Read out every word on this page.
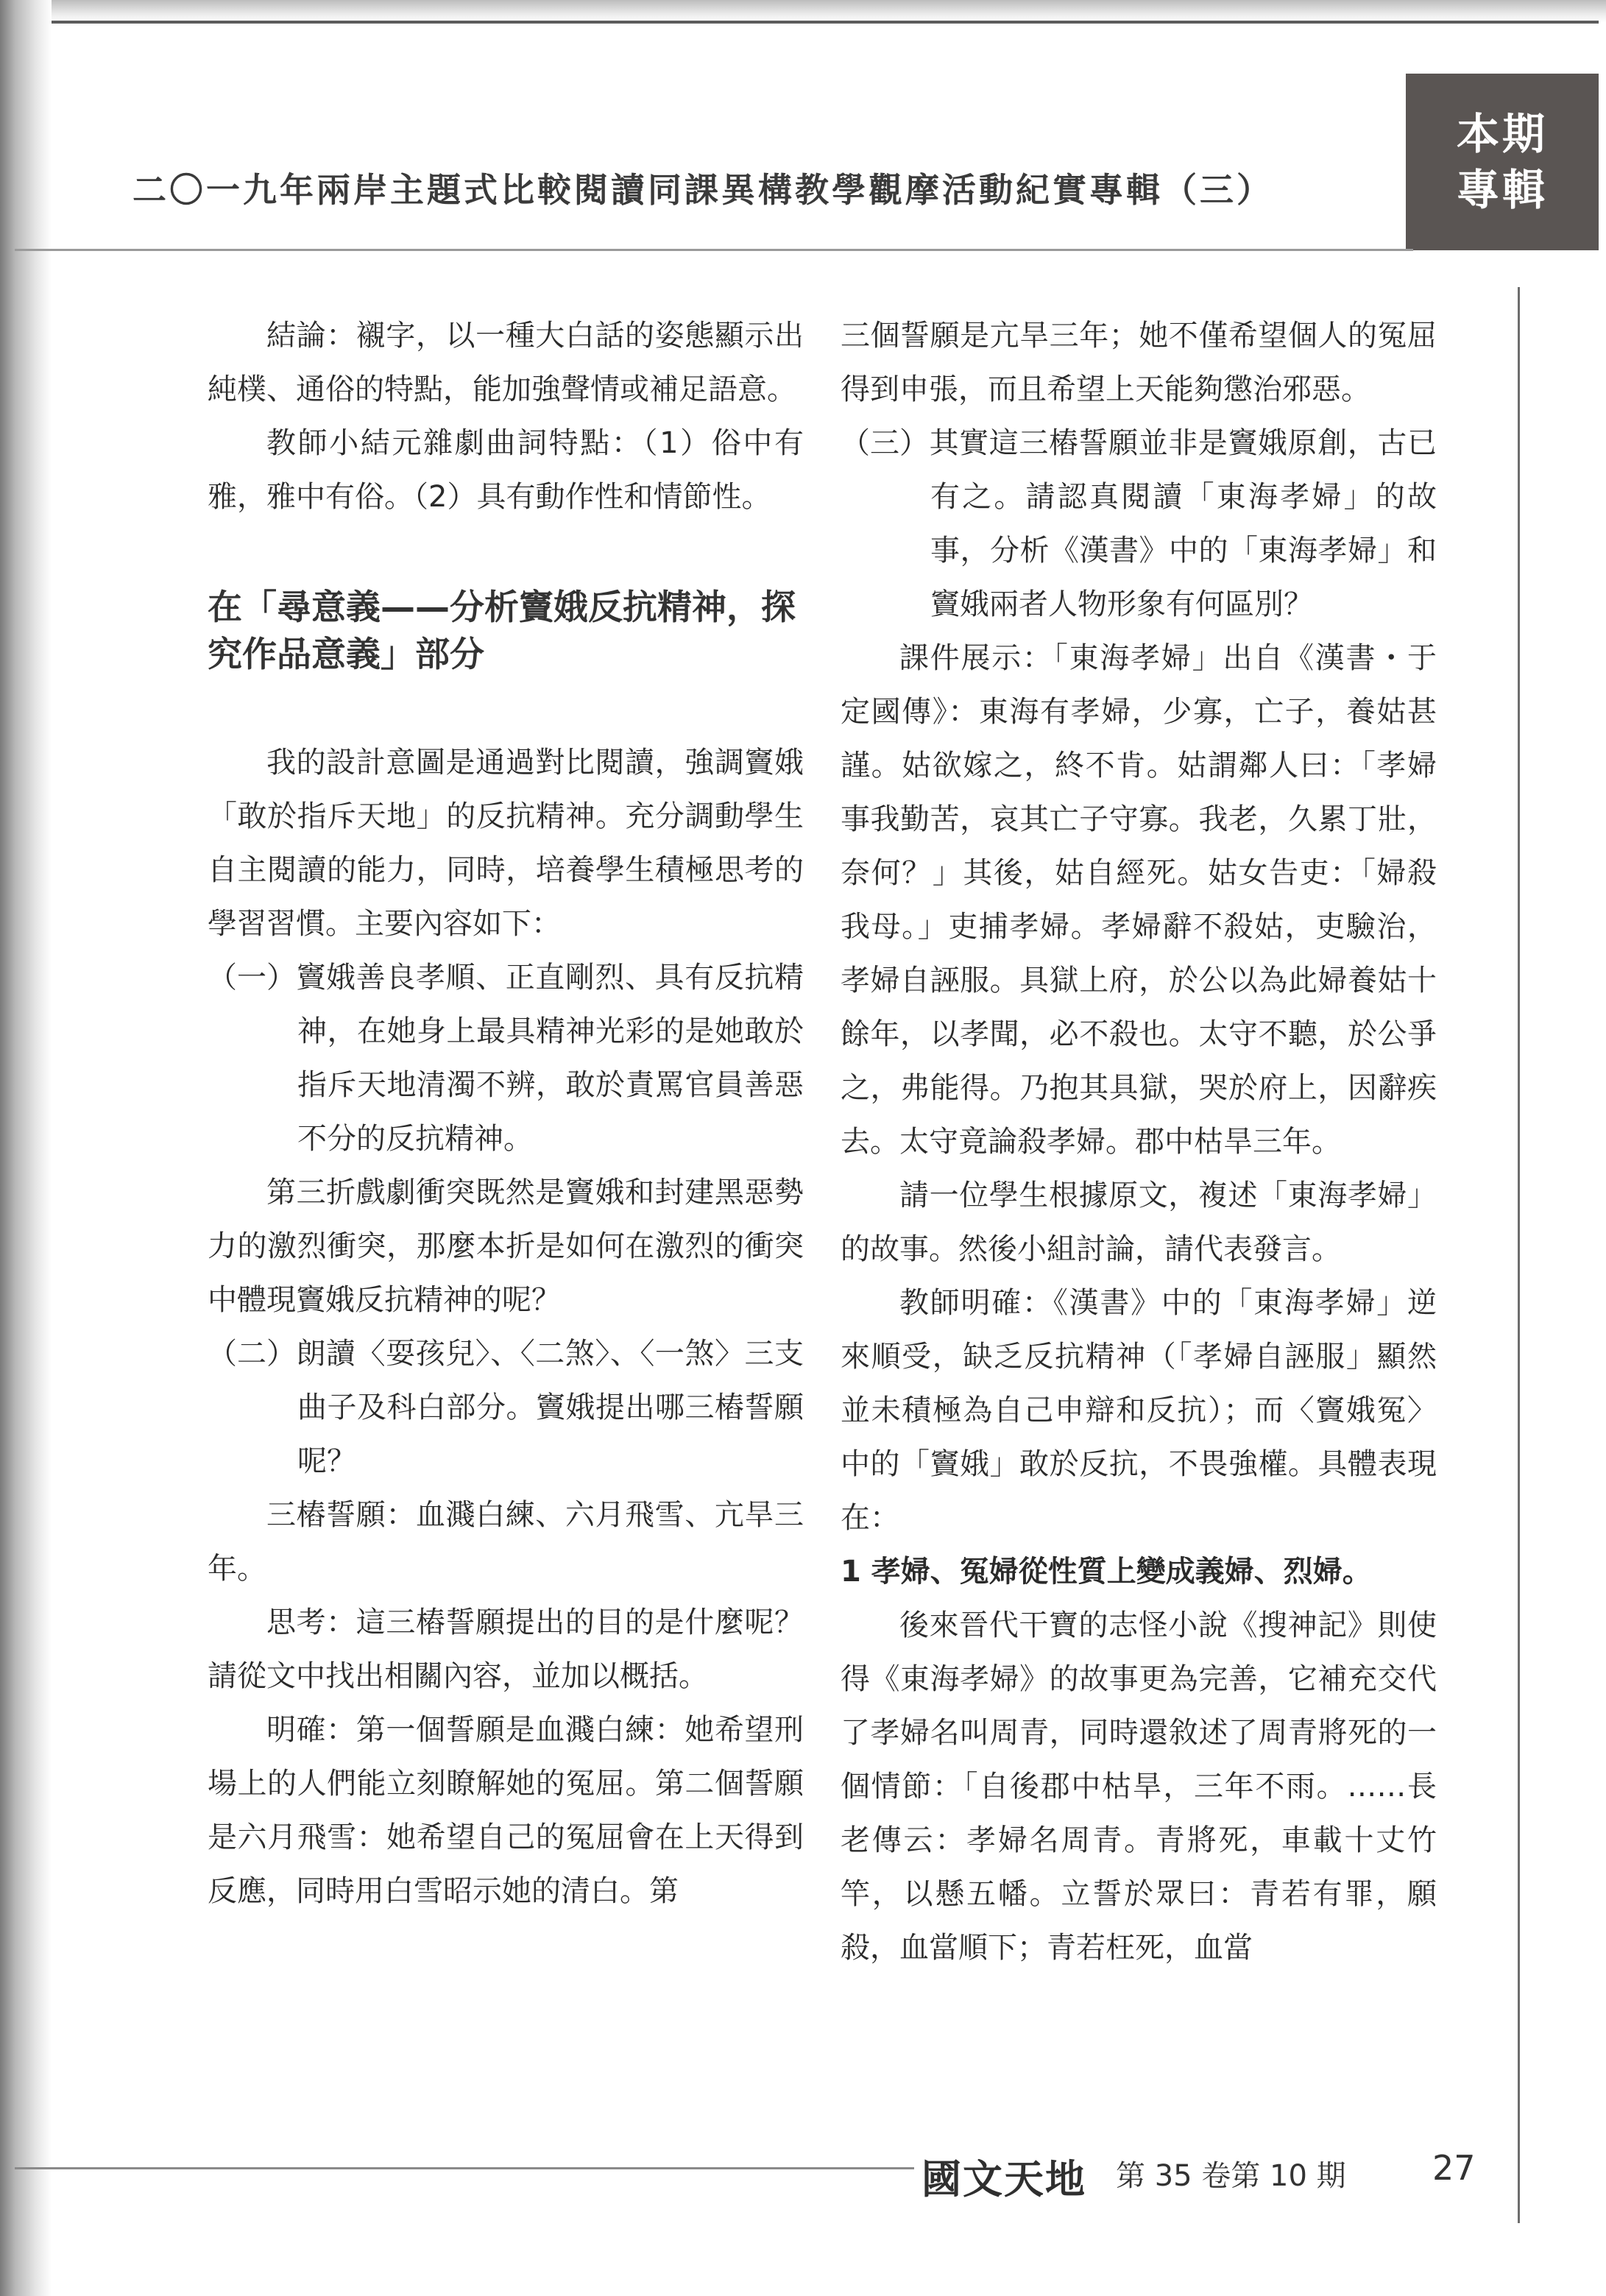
二〇一九年兩岸主題式比較閱讀同課異構教學觀摩活動紀實專輯（三）
本期
專輯

結論：襯字，以一種大白話的姿態顯示出純樸、通俗的特點，能加強聲情或補足語意。

教師小結元雜劇曲詞特點：（1）俗中有雅，雅中有俗。（2）具有動作性和情節性。

在「尋意義——分析竇娥反抗精神，探究作品意義」部分

我的設計意圖是通過對比閱讀，強調竇娥「敢於指斥天地」的反抗精神。充分調動學生自主閱讀的能力，同時，培養學生積極思考的學習習慣。主要內容如下：

（一）竇娥善良孝順、正直剛烈、具有反抗精神，在她身上最具精神光彩的是她敢於指斥天地清濁不辨，敢於責罵官員善惡不分的反抗精神。

第三折戲劇衝突既然是竇娥和封建黑惡勢力的激烈衝突，那麼本折是如何在激烈的衝突中體現竇娥反抗精神的呢？

（二）朗讀〈耍孩兒〉、〈二煞〉、〈一煞〉三支曲子及科白部分。竇娥提出哪三樁誓願呢？

三樁誓願：血濺白練、六月飛雪、亢旱三年。

思考：這三樁誓願提出的目的是什麼呢？請從文中找出相關內容，並加以概括。

明確：第一個誓願是血濺白練：她希望刑場上的人們能立刻瞭解她的冤屈。第二個誓願是六月飛雪：她希望自己的冤屈會在上天得到反應，同時用白雪昭示她的清白。第

三個誓願是亢旱三年；她不僅希望個人的冤屈得到申張，而且希望上天能夠懲治邪惡。

（三）其實這三樁誓願並非是竇娥原創，古已有之。請認真閱讀「東海孝婦」的故事，分析《漢書》中的「東海孝婦」和竇娥兩者人物形象有何區別？

課件展示：「東海孝婦」出自《漢書・于定國傳》：東海有孝婦，少寡，亡子，養姑甚謹。姑欲嫁之，終不肯。姑謂鄰人曰：「孝婦事我勤苦，哀其亡子守寡。我老，久累丁壯，奈何？」其後，姑自經死。姑女告吏：「婦殺我母。」吏捕孝婦。孝婦辭不殺姑，吏驗治，孝婦自誣服。具獄上府，於公以為此婦養姑十餘年，以孝聞，必不殺也。太守不聽，於公爭之，弗能得。乃抱其具獄，哭於府上，因辭疾去。太守竟論殺孝婦。郡中枯旱三年。

請一位學生根據原文，複述「東海孝婦」的故事。然後小組討論，請代表發言。

教師明確：《漢書》中的「東海孝婦」逆來順受，缺乏反抗精神（「孝婦自誣服」顯然並未積極為自己申辯和反抗）；而〈竇娥冤〉中的「竇娥」敢於反抗，不畏強權。具體表現在：

1 孝婦、冤婦從性質上變成義婦、烈婦。

後來晉代干寶的志怪小說《搜神記》則使得《東海孝婦》的故事更為完善，它補充交代了孝婦名叫周青，同時還敘述了周青將死的一個情節：「自後郡中枯旱，三年不雨。……長老傳云：孝婦名周青。青將死，車載十丈竹竿，以懸五幡。立誓於眾曰：青若有罪，願殺，血當順下；青若枉死，血當

國文天地 第 35 卷第 10 期	27
